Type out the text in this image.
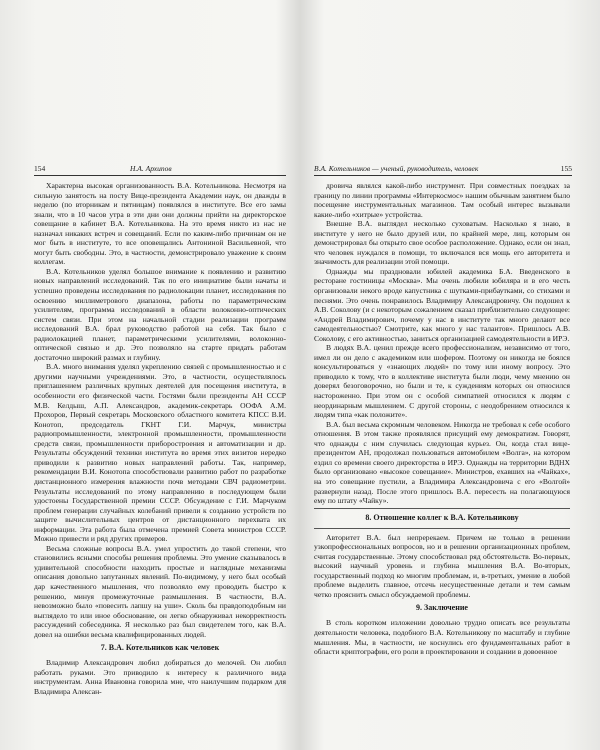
154	Н.А. Архипов

Характерна высокая организованность В.А. Котельникова. Несмотря на сильную занятость на посту Вице-президента Академии наук, он дважды в неделю (по вторникам и пятницам) появлялся в институте. Все его замы знали, что в 10 часов утра в эти дни они должны прийти на директорское совещание в кабинет В.А. Котельникова. На это время никто из нас не назначал никаких встреч и совещаний. Если по каким-либо причинам он не мог быть в институте, то все оповещались Антониной Васильевной, что могут быть свободны. Это, в частности, демонстрировало уважение к своим коллегам.

В.А. Котельников уделял большое внимание к появлению и развитию новых направлений исследований. Так по его инициативе были начаты и успешно проведены исследования по радиолокации планет, исследования по освоению миллиметрового диапазона, работы по параметрическим усилителям, программа исследований в области волоконно-оптических систем связи. При этом на начальной стадии реализации программ исследований В.А. брал руководство работой на себя. Так было с радиолокацией планет, параметрическими усилителями, волоконно-оптической связью и др. Это позволяло на старте придать работам достаточно широкий размах и глубину.

В.А. много внимания уделял укреплению связей с промышленностью и с другими научными учреждениями. Это, в частности, осуществлялось приглашением различных крупных деятелей для посещения института, в особенности его физической части. Гостями были президенты АН СССР М.В. Келдыш, А.П. Александров, академик-секретарь ООФА А.М. Прохоров, Первый секретарь Московского областного комитета КПСС В.И. Конотоп, председатель ГКНТ Г.И. Марчук, министры радиопромышленности, электронной промышленности, промышленности средств связи, промышленности приборостроения и автоматизации и др. Результаты обсуждений техники института во время этих визитов нередко приводили к развитию новых направлений работы. Так, например, рекомендации В.И. Конотопа способствовали развитию работ по разработке дистанционного измерения влажности почв методами СВЧ радиометрии. Результаты исследований по этому направлению в последующем были удостоены Государственной премии СССР. Обсуждение с Г.И. Марчуком проблем генерации случайных колебаний привели к созданию устройств по защите вычислительных центров от дистанционного перехвата их информации. Эта работа была отмечена премией Совета министров СССР. Можно привести и ряд других примеров.

Весьма сложные вопросы В.А. умел упростить до такой степени, что становились ясными способы решения проблемы. Это умение сказывалось в удивительной способности находить простые и наглядные механизмы описания довольно запутанных явлений. По-видимому, у него был особый дар качественного мышления, что позволяло ему проводить быстро к решению, минуя промежуточные размышления. В частности, В.А. невозможно было «повесить лапшу на уши». Сколь бы правдоподобным ни выглядело то или иное обоснование, он легко обнаруживал некорректность рассуждений собеседника. Я несколько раз был свидетелем того, как В.А. довел на ошибки весьма квалифицированных людей.

7. В.А. Котельников как человек

Владимир Александрович любил добираться до мелочей. Он любил работать руками. Это приводило к интересу к различного вида инструментам. Анна Ивановна говорила мне, что наилучшим подарком для Владимира Алексан-

В.А. Котельников — ученый, руководитель, человек	155

дровича являлся какой-либо инструмент. При совместных поездках за границу по линии программы «Интеркосмос» нашим обычным занятием было посещение инструментальных магазинов. Там особый интерес вызывали какие-либо «хитрые» устройства.

Внешне В.А. выглядел несколько суховатым. Насколько я знаю, в институте у него не было друзей или, по крайней мере, лиц, которым он демонстрировал бы открыто свое особое расположение. Однако, если он знал, что человек нуждался в помощи, то включался вся мощь его авторитета и значимость для реализации этой помощи.

Однажды мы праздновали юбилей академика Б.А. Введенского в ресторане гостиницы «Москва». Мы очень любили юбиляра и в его честь организовали некого вроде капустника с шутками-прибаутками, со стихами и песнями. Это очень понравилось Владимиру Александровичу. Он подошел к А.В. Соколову (и с некоторым сожалением сказал приблизительно следующее: «Андрей Владимирович, почему у нас в институте так много делают все самодеятельностью? Смотрите, как много у нас талантов». Пришлось А.В. Соколову, с его активностью, заниться организацией самодеятельности в ИРЭ.

В людях В.А. ценил прежде всего профессионализм, независимо от того, имел ли он дело с академиком или шофером. Поэтому он никогда не боялся консультироваться у «знающих людей» по тому или иному вопросу. Это приводило к тому, что в коллективе института были люди, чему мнению он доверял безоговорочно, но были и те, к суждениям которых он относился настороженно. При этом он с особой симпатией относился к людям с неординарным мышлением. С другой стороны, с неодобрением относился к людям типа «как положите».

В.А. был весьма скромным человеком. Никогда не требовал к себе особого отношения. В этом также проявлялся присущий ему демократизм. Говорят, что однажды с ним случилась следующая курьез. Он, когда стал вице-президентом АН, продолжал пользоваться автомобилем «Волга», на котором ездил со времени своего директорства в ИРЭ. Однажды на территории ВДНХ было организовано «высокое совещание». Министров, ехавших на «Чайках», на это совещание пустили, а Владимира Александровича с его «Волгой» развернули назад. После этого пришлось В.А. пересесть на полагающуюся ему по штату «Чайку».

8. Отношение коллег к В.А. Котельникову

Авторитет В.А. был непререкаем. Причем не только в решении узкопрофессиональных вопросов, но и в решении организационных проблем, считая государственные. Этому способствовал ряд обстоятельств. Во-первых, высокий научный уровень и глубина мышления В.А. Во-вторых, государственный подход ко многим проблемам, и, в-третьих, умение в любой проблеме выделить главное, отсечь несущественные детали и тем самым четко прояснить смысл обсуждаемой проблемы.

9. Заключение

В столь коротком изложении довольно трудно описать все результаты деятельности человека, подобного В.А. Котельникову по масштабу и глубине мышления. Мы, в частности, не коснулись его фундаментальных работ в области криптографии, его роли в проектировании и создании в довоенное
